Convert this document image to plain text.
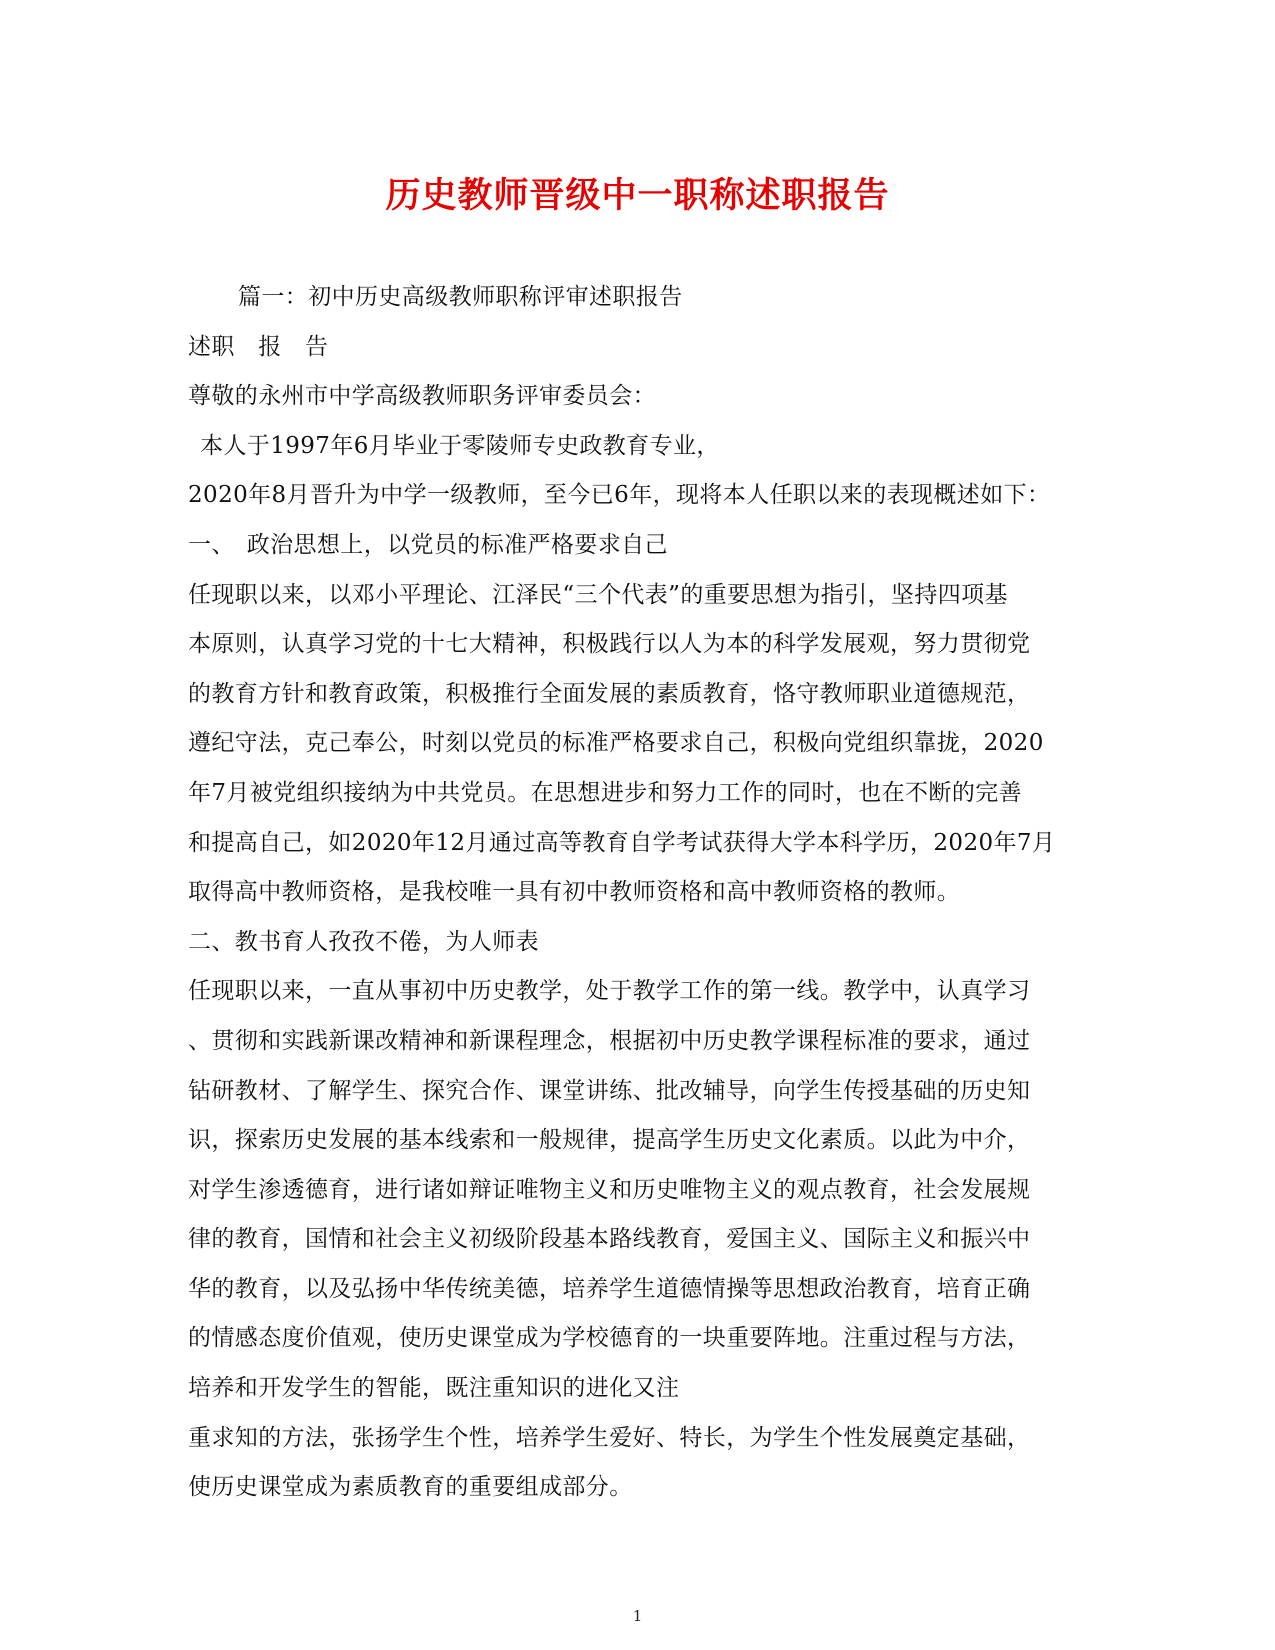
历史教师晋级中一职称述职报告
篇一：初中历史高级教师职称评审述职报告
述职　报　告
尊敬的永州市中学高级教师职务评审委员会：
本人于1997年6月毕业于零陵师专史政教育专业，
2020年8月晋升为中学一级教师，至今已6年，现将本人任职以来的表现概述如下：
一、　政治思想上，以党员的标准严格要求自己
任现职以来，以邓小平理论、江泽民“三个代表”的重要思想为指引，坚持四项基
本原则，认真学习党的十七大精神，积极践行以人为本的科学发展观，努力贯彻党
的教育方针和教育政策，积极推行全面发展的素质教育，恪守教师职业道德规范，
遵纪守法，克己奉公，时刻以党员的标准严格要求自己，积极向党组织靠拢，2020
年7月被党组织接纳为中共党员。在思想进步和努力工作的同时，也在不断的完善
和提高自己，如2020年12月通过高等教育自学考试获得大学本科学历，2020年7月
取得高中教师资格，是我校唯一具有初中教师资格和高中教师资格的教师。
二、教书育人孜孜不倦，为人师表
任现职以来，一直从事初中历史教学，处于教学工作的第一线。教学中，认真学习
、贯彻和实践新课改精神和新课程理念，根据初中历史教学课程标准的要求，通过
钻研教材、了解学生、探究合作、课堂讲练、批改辅导，向学生传授基础的历史知
识，探索历史发展的基本线索和一般规律，提高学生历史文化素质。以此为中介，
对学生渗透德育，进行诸如辩证唯物主义和历史唯物主义的观点教育，社会发展规
律的教育，国情和社会主义初级阶段基本路线教育，爱国主义、国际主义和振兴中
华的教育，以及弘扬中华传统美德，培养学生道德情操等思想政治教育，培育正确
的情感态度价值观，使历史课堂成为学校德育的一块重要阵地。注重过程与方法，
培养和开发学生的智能，既注重知识的进化又注
重求知的方法，张扬学生个性，培养学生爱好、特长，为学生个性发展奠定基础，
使历史课堂成为素质教育的重要组成部分。
1
